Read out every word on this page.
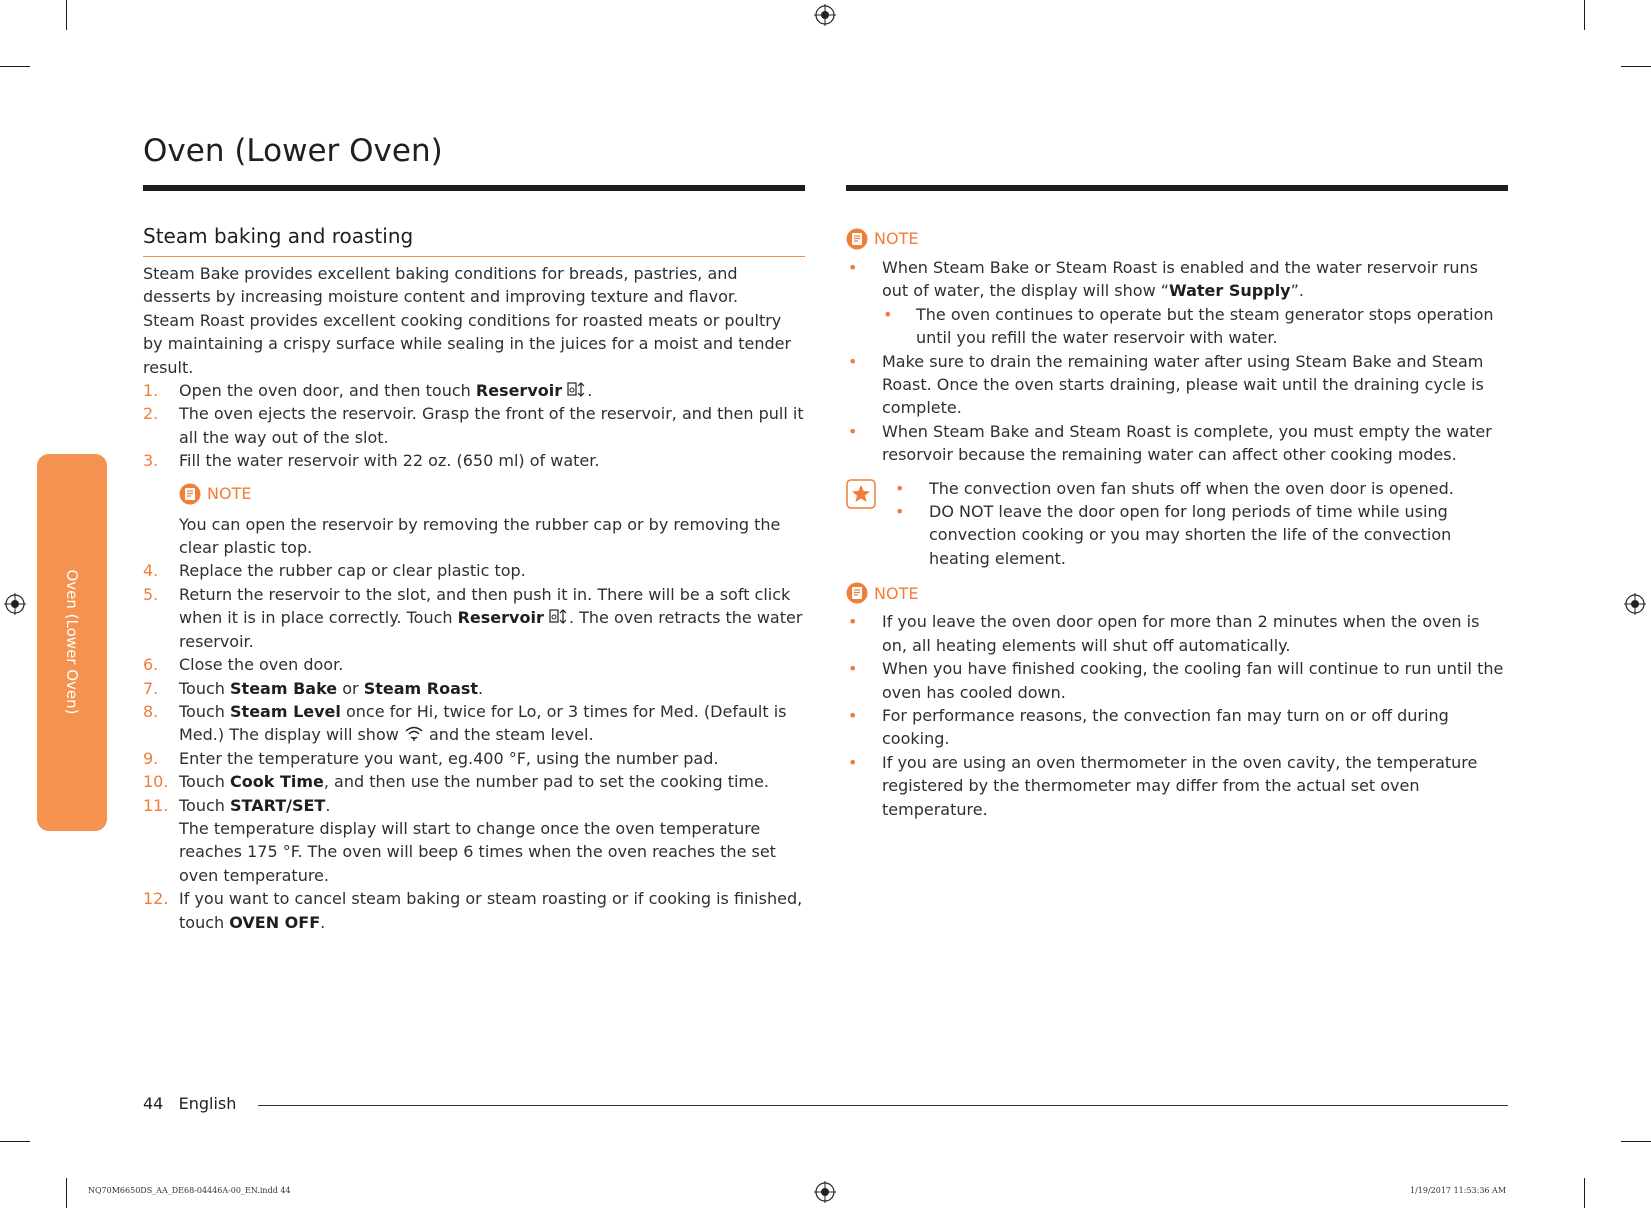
Oven (Lower Oven)
Oven (Lower Oven)
Steam baking and roasting

Steam Bake provides excellent baking conditions for breads, pastries, and desserts by increasing moisture content and improving texture and flavor.

Steam Roast provides excellent cooking conditions for roasted meats or poultry by maintaining a crispy surface while sealing in the juices for a moist and tender result.

1. Open the oven door, and then touch Reservoir .
2. The oven ejects the reservoir. Grasp the front of the reservoir, and then pull it all the way out of the slot.
3. Fill the water reservoir with 22 oz. (650 ml) of water.
NOTE

You can open the reservoir by removing the rubber cap or by removing the clear plastic top.

4. Replace the rubber cap or clear plastic top.
5. Return the reservoir to the slot, and then push it in. There will be a soft click when it is in place correctly. Touch Reservoir . The oven retracts the water reservoir.
6. Close the oven door.
7. Touch Steam Bake or Steam Roast.
8. Touch Steam Level once for Hi, twice for Lo, or 3 times for Med. (Default is Med.) The display will show  and the steam level.
9. Enter the temperature you want, eg.400 °F, using the number pad.
10. Touch Cook Time, and then use the number pad to set the cooking time.
11. Touch START/SET.
The temperature display will start to change once the oven temperature reaches 175 °F. The oven will beep 6 times when the oven reaches the set oven temperature.
12. If you want to cancel steam baking or steam roasting or if cooking is finished, touch OVEN OFF.
NOTE
• When Steam Bake or Steam Roast is enabled and the water reservoir runs out of water, the display will show “Water Supply”.
• The oven continues to operate but the steam generator stops operation until you refill the water reservoir with water.
• Make sure to drain the remaining water after using Steam Bake and Steam Roast. Once the oven starts draining, please wait until the draining cycle is complete.
• When Steam Bake and Steam Roast is complete, you must empty the water resorvoir because the remaining water can affect other cooking modes.
• The convection oven fan shuts off when the oven door is opened.
• DO NOT leave the door open for long periods of time while using convection cooking or you may shorten the life of the convection heating element.
NOTE
• If you leave the oven door open for more than 2 minutes when the oven is on, all heating elements will shut off automatically.
• When you have finished cooking, the cooling fan will continue to run until the oven has cooled down.
• For performance reasons, the convection fan may turn on or off during cooking.
• If you are using an oven thermometer in the oven cavity, the temperature registered by the thermometer may differ from the actual set oven temperature.
44 English
NQ70M6650DS_AA_DE68-04446A-00_EN.indd 44	1/19/2017 11:53:36 AM
